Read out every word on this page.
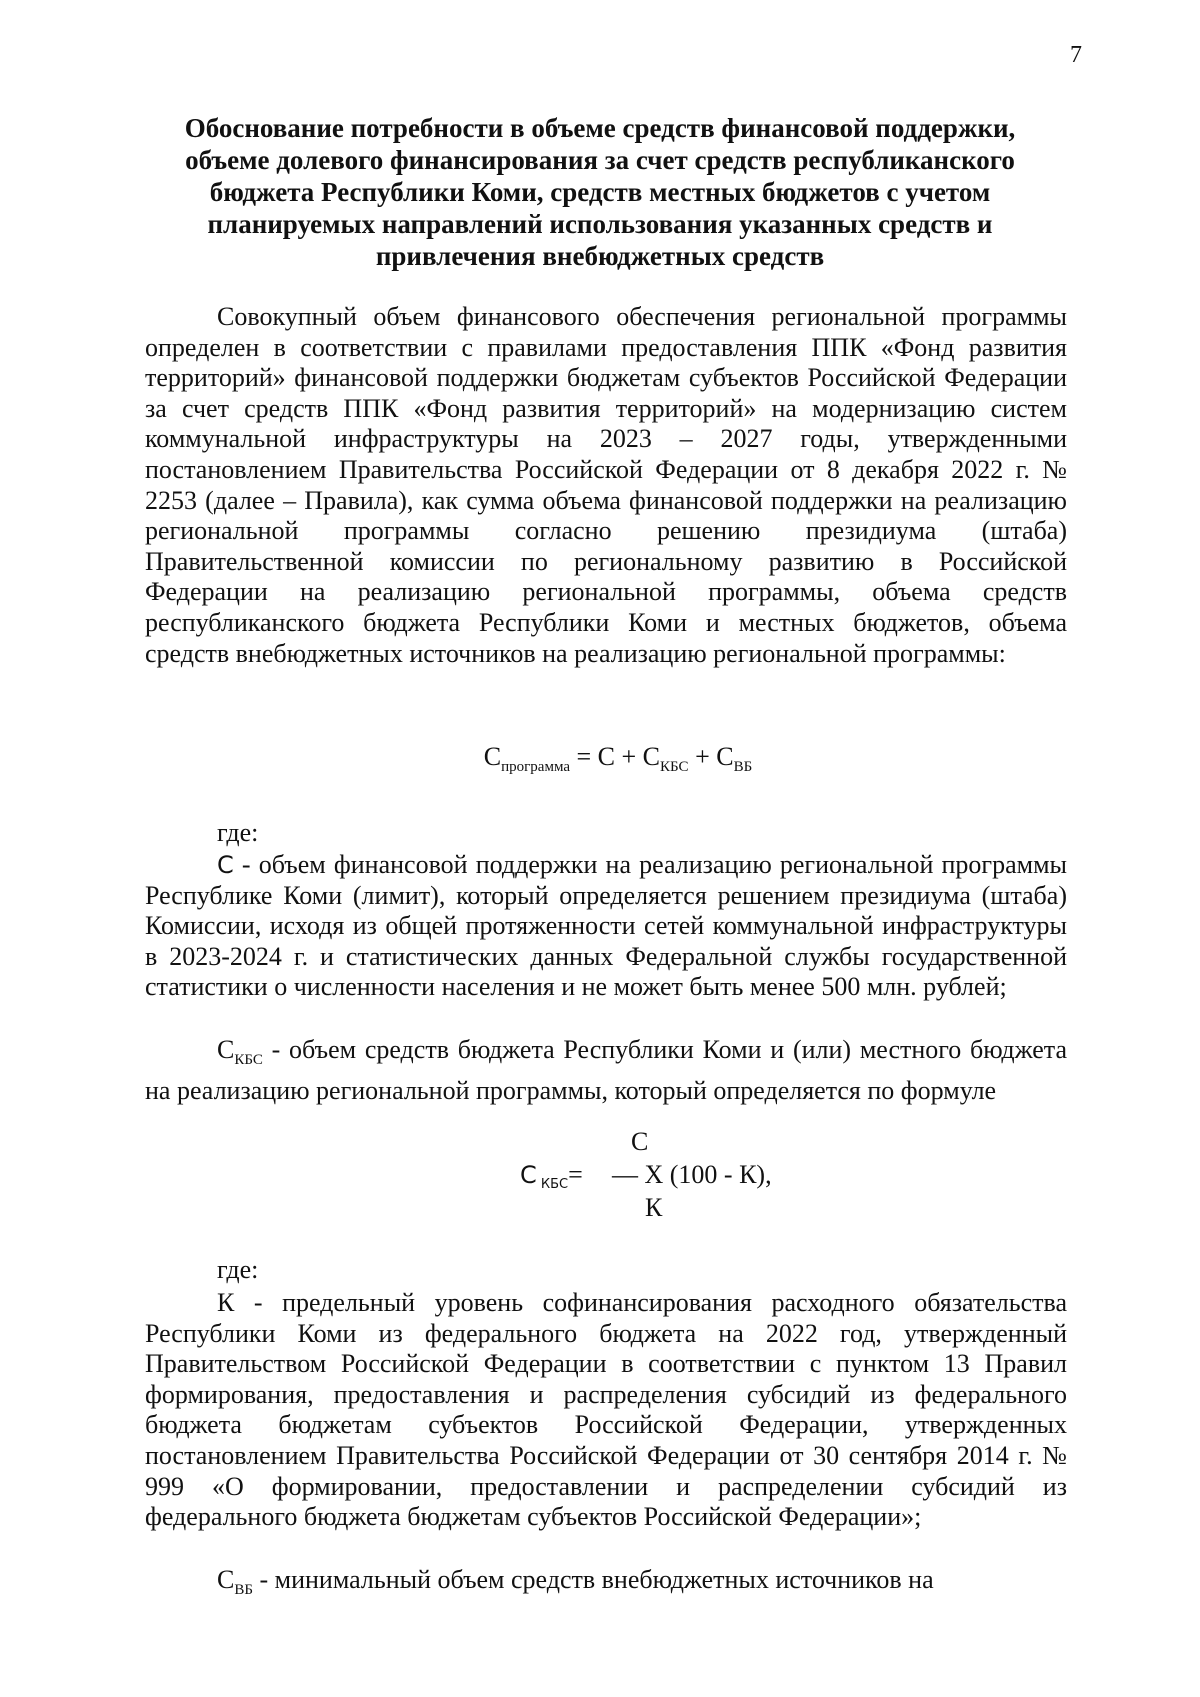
7
Обоснование потребности в объеме средств финансовой поддержки,
объеме долевого финансирования за счет средств республиканского
бюджета Республики Коми, средств местных бюджетов с учетом
планируемых направлений использования указанных средств и
привлечения внебюджетных средств

Совокупный объем финансового обеспечения региональной программы определен в соответствии с правилами предоставления ППК «Фонд развития территорий» финансовой поддержки бюджетам субъектов Российской Федерации за счет средств ППК «Фонд развития территорий» на модернизацию систем коммунальной инфраструктуры на 2023 – 2027 годы, утвержденными постановлением Правительства Российской Федерации от 8 декабря 2022 г. № 2253 (далее – Правила), как сумма объема финансовой поддержки на реализацию региональной программы согласно решению президиума (штаба) Правительственной комиссии по региональному развитию в Российской Федерации на реализацию региональной программы, объема средств республиканского бюджета Республики Коми и местных бюджетов, объема средств внебюджетных источников на реализацию региональной программы:

$С_{программа} = С + С_{КБС} + С_{ВБ}$
где:

С - объем финансовой поддержки на реализацию региональной программы Республике Коми (лимит), который определяется решением президиума (штаба) Комиссии, исходя из общей протяженности сетей коммунальной инфраструктуры в 2023-2024 г. и статистических данных Федеральной службы государственной статистики о численности населения и не может быть менее 500 млн. рублей;

$С_{КБС}$ - объем средств бюджета Республики Коми и (или) местного бюджета на реализацию региональной программы, который определяется по формуле

С
С КБС= — Х (100 - К),
К
где:

К - предельный уровень софинансирования расходного обязательства Республики Коми из федерального бюджета на 2022 год, утвержденный Правительством Российской Федерации в соответствии с пунктом 13 Правил формирования, предоставления и распределения субсидий из федерального бюджета бюджетам субъектов Российской Федерации, утвержденных постановлением Правительства Российской Федерации от 30 сентября 2014 г. № 999 «О формировании, предоставлении и распределении субсидий из федерального бюджета бюджетам субъектов Российской Федерации»;

$С_{ВБ}$ - минимальный объем средств внебюджетных источников на
